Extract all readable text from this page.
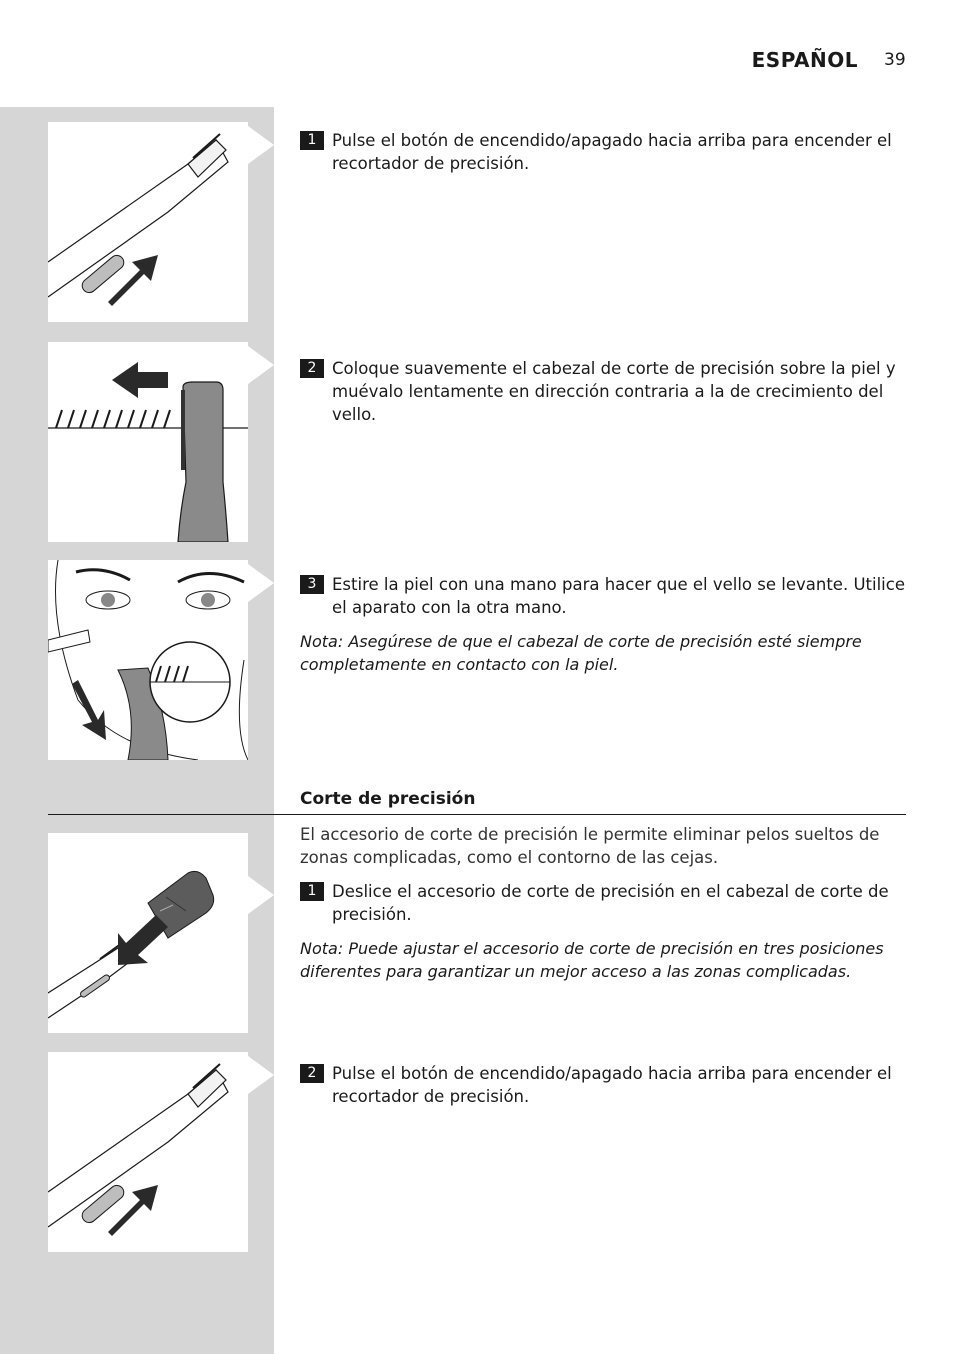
ESPAÑOL 39
1 Pulse el botón de encendido/apagado hacia arriba para encender el recortador de precisión.
2 Coloque suavemente el cabezal de corte de precisión sobre la piel y muévalo lentamente en dirección contraria a la de crecimiento del vello.
3 Estire la piel con una mano para hacer que el vello se levante. Utilice el aparato con la otra mano.
Nota: Asegúrese de que el cabezal de corte de precisión esté siempre completamente en contacto con la piel.
Corte de precisión
El accesorio de corte de precisión le permite eliminar pelos sueltos de zonas complicadas, como el contorno de las cejas.
1 Deslice el accesorio de corte de precisión en el cabezal de corte de precisión.
Nota: Puede ajustar el accesorio de corte de precisión en tres posiciones diferentes para garantizar un mejor acceso a las zonas complicadas.
2 Pulse el botón de encendido/apagado hacia arriba para encender el recortador de precisión.
